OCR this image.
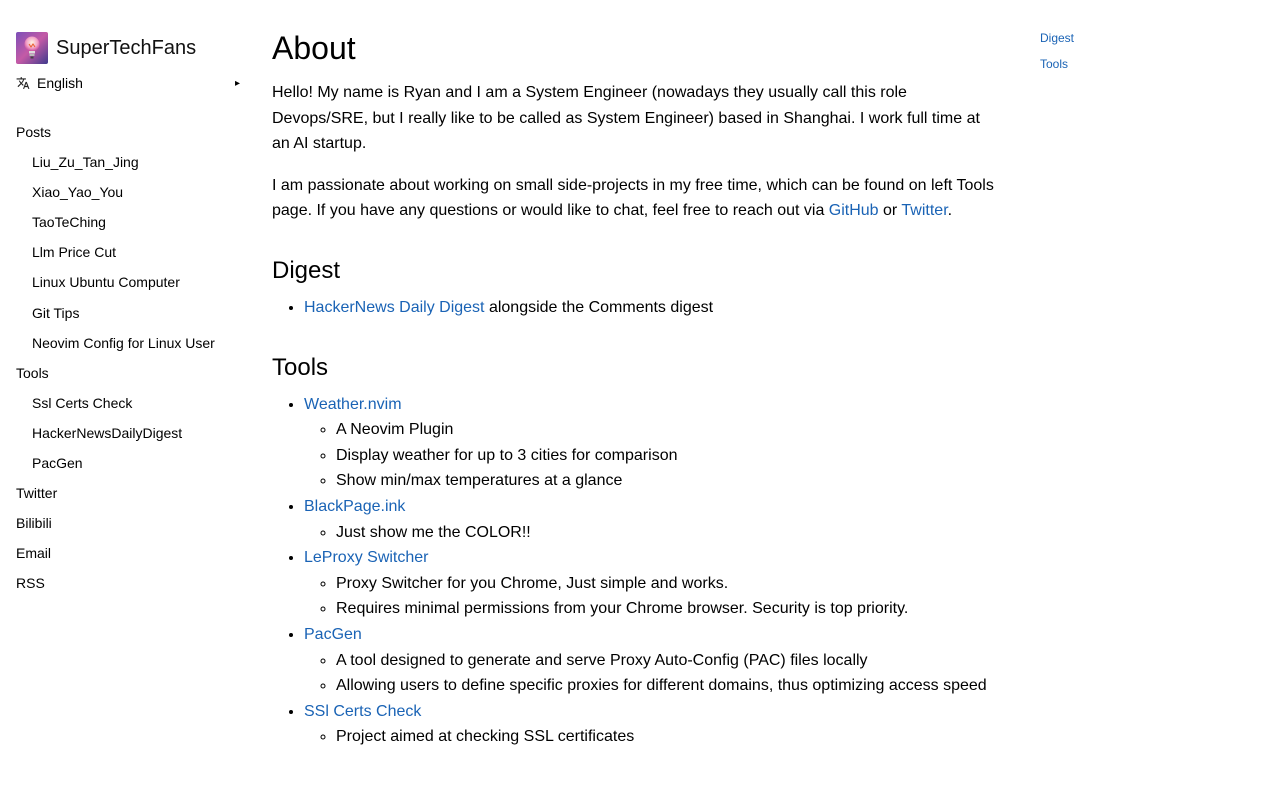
SuperTechFans
English	▸
Posts
Liu_Zu_Tan_Jing
Xiao_Yao_You
TaoTeChing
Llm Price Cut
Linux Ubuntu Computer
Git Tips
Neovim Config for Linux User
Tools
Ssl Certs Check
HackerNewsDailyDigest
PacGen
Twitter
Bilibili
Email
RSS
About

Hello! My name is Ryan and I am a System Engineer (nowadays they usually call this role Devops/SRE, but I really like to be called as System Engineer) based in Shanghai. I work full time at an AI startup.

I am passionate about working on small side-projects in my free time, which can be found on left Tools page. If you have any questions or would like to chat, feel free to reach out via GitHub or Twitter.

Digest
• HackerNews Daily Digest alongside the Comments digest
Tools
• Weather.nvim
◦ A Neovim Plugin
◦ Display weather for up to 3 cities for comparison
◦ Show min/max temperatures at a glance
• BlackPage.ink
◦ Just show me the COLOR!!
• LeProxy Switcher
◦ Proxy Switcher for you Chrome, Just simple and works.
◦ Requires minimal permissions from your Chrome browser. Security is top priority.
• PacGen
◦ A tool designed to generate and serve Proxy Auto-Config (PAC) files locally
◦ Allowing users to define specific proxies for different domains, thus optimizing access speed
• SSl Certs Check
◦ Project aimed at checking SSL certificates
Digest
Tools
